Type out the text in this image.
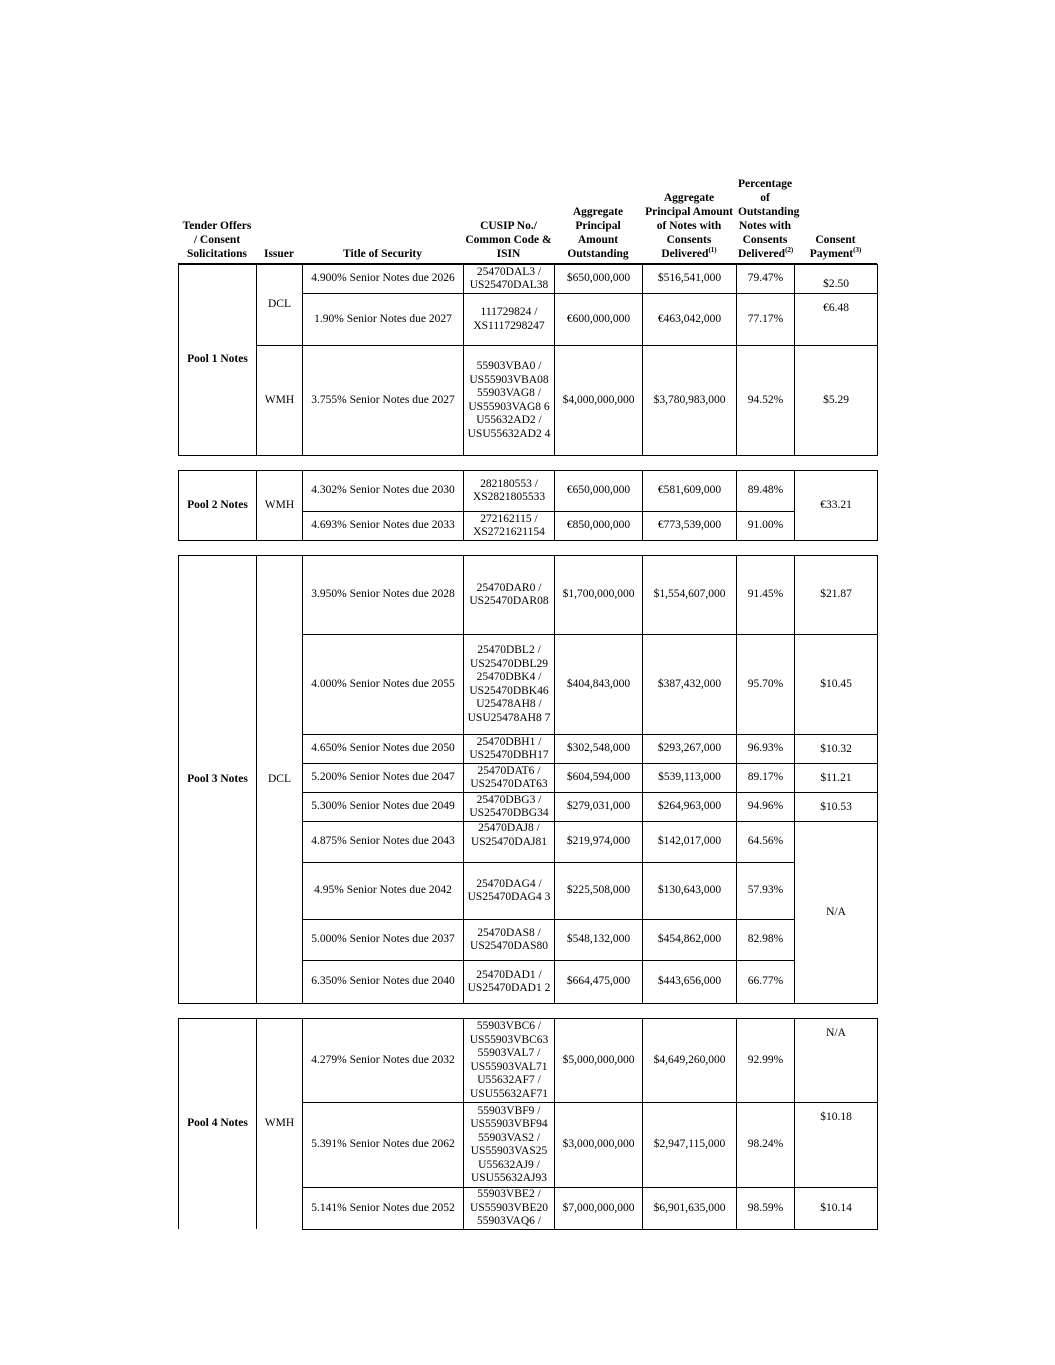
Tender Offers / Consent Solicitations	Issuer	Title of Security	CUSIP No./ Common Code & ISIN	Aggregate Principal Amount Outstanding	Aggregate Principal Amount of Notes with Consents Delivered$^{(1)}$	Percentage of Outstanding Notes with Consents Delivered$^{(2)}$	Consent Payment$^{(3)}$
Pool 1 Notes	DCL	4.900% Senior Notes due 2026	25470DAL3 / US25470DAL38	$650,000,000	$516,541,000	79.47%	$2.50
		1.90% Senior Notes due 2027	111729824 / XS1117298247	€600,000,000	€463,042,000	77.17%	€6.48
	WMH	3.755% Senior Notes due 2027	55903VBA0 / US55903VBA08 55903VAG8 / US55903VAG8 6 U55632AD2 / USU55632AD2 4	$4,000,000,000	$3,780,983,000	94.52%	$5.29
Pool 2 Notes	WMH	4.302% Senior Notes due 2030	282180553 / XS2821805533	€650,000,000	€581,609,000	89.48%	€33.21
		4.693% Senior Notes due 2033	272162115 / XS2721621154	€850,000,000	€773,539,000	91.00%	
Pool 3 Notes	DCL	3.950% Senior Notes due 2028	25470DAR0 / US25470DAR08	$1,700,000,000	$1,554,607,000	91.45%	$21.87
		4.000% Senior Notes due 2055	25470DBL2 / US25470DBL29 25470DBK4 / US25470DBK46 U25478AH8 / USU25478AH8 7	$404,843,000	$387,432,000	95.70%	$10.45
		4.650% Senior Notes due 2050	25470DBH1 / US25470DBH17	$302,548,000	$293,267,000	96.93%	$10.32
		5.200% Senior Notes due 2047	25470DAT6 / US25470DAT63	$604,594,000	$539,113,000	89.17%	$11.21
		5.300% Senior Notes due 2049	25470DBG3 / US25470DBG34	$279,031,000	$264,963,000	94.96%	$10.53
		4.875% Senior Notes due 2043	25470DAJ8 / US25470DAJ81	$219,974,000	$142,017,000	64.56%	N/A
		4.95% Senior Notes due 2042	25470DAG4 / US25470DAG4 3	$225,508,000	$130,643,000	57.93%	
		5.000% Senior Notes due 2037	25470DAS8 / US25470DAS80	$548,132,000	$454,862,000	82.98%	
		6.350% Senior Notes due 2040	25470DAD1 / US25470DAD1 2	$664,475,000	$443,656,000	66.77%	
Pool 4 Notes	WMH	4.279% Senior Notes due 2032	55903VBC6 / US55903VBC63 55903VAL7 / US55903VAL71 U55632AF7 / USU55632AF71	$5,000,000,000	$4,649,260,000	92.99%	N/A
		5.391% Senior Notes due 2062	55903VBF9 / US55903VBF94 55903VAS2 / US55903VAS25 U55632AJ9 / USU55632AJ93	$3,000,000,000	$2,947,115,000	98.24%	$10.18
		5.141% Senior Notes due 2052	55903VBE2 / US55903VBE20 55903VAQ6 /	$7,000,000,000	$6,901,635,000	98.59%	$10.14
